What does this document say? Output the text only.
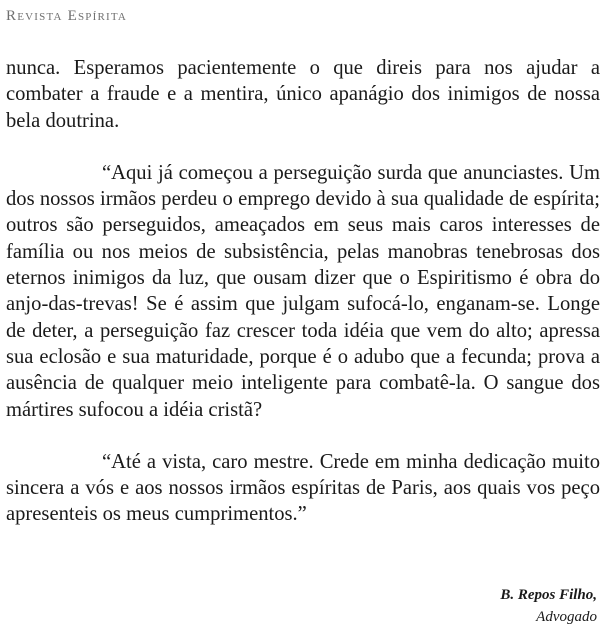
Revista Espírita

nunca. Esperamos pacientemente o que direis para nos ajudar a combater a fraude e a mentira, único apanágio dos inimigos de nossa bela doutrina.

“Aqui já começou a perseguição surda que anunciastes. Um dos nossos irmãos perdeu o emprego devido à sua qualidade de espírita; outros são perseguidos, ameaçados em seus mais caros interesses de família ou nos meios de subsistência, pelas manobras tenebrosas dos eternos inimigos da luz, que ousam dizer que o Espiritismo é obra do anjo-das-trevas! Se é assim que julgam sufocá-lo, enganam-se. Longe de deter, a perseguição faz crescer toda idéia que vem do alto; apressa sua eclosão e sua maturidade, porque é o adubo que a fecunda; prova a ausência de qualquer meio inteligente para combatê-la. O sangue dos mártires sufocou a idéia cristã?

“Até a vista, caro mestre. Crede em minha dedicação muito sincera a vós e aos nossos irmãos espíritas de Paris, aos quais vos peço apresenteis os meus cumprimentos.”

B. Repos Filho,
Advogado
